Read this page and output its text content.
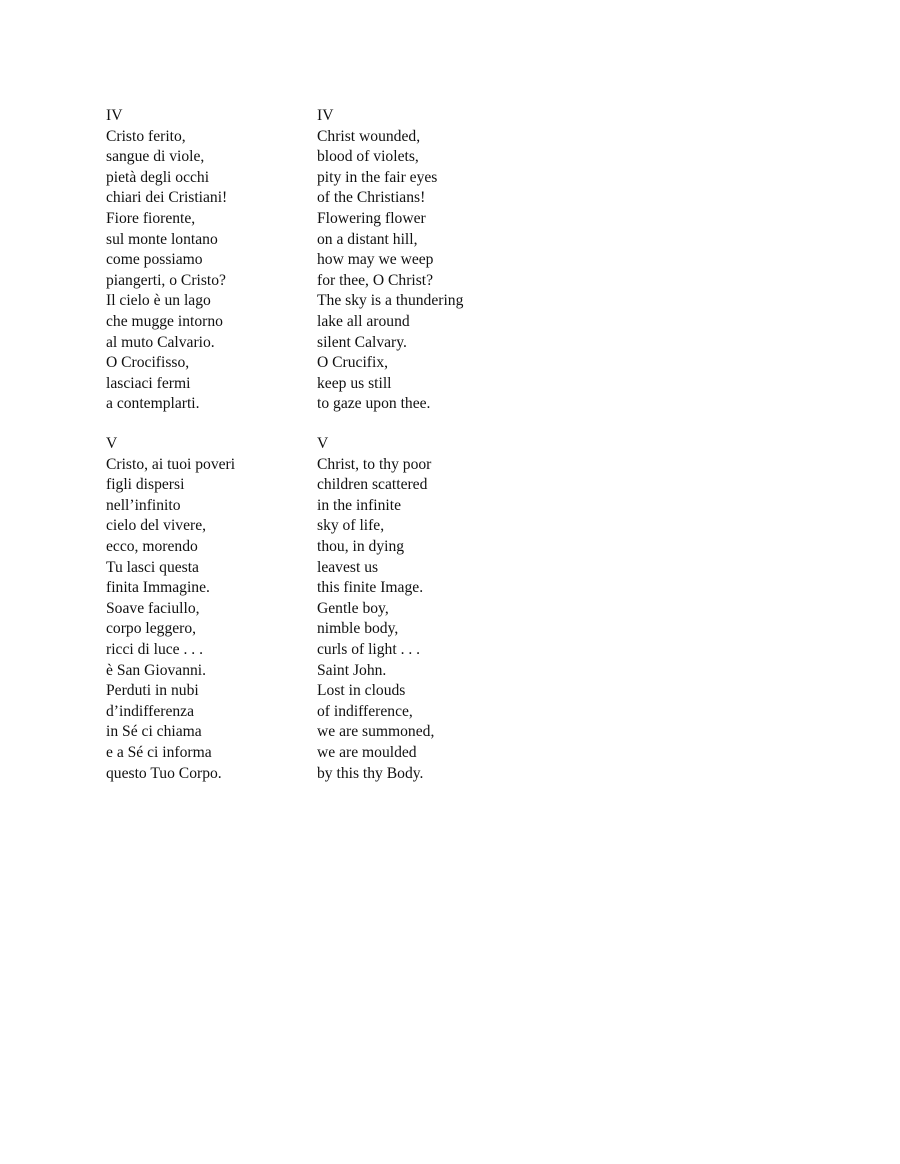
IV	IV
Cristo ferito,	Christ wounded,
sangue di viole,	blood of violets,
pietà degli occhi	pity in the fair eyes
chiari dei Cristiani!	of the Christians!
Fiore fiorente,	Flowering flower
sul monte lontano	on a distant hill,
come possiamo	how may we weep
piangerti, o Cristo?	for thee, O Christ?
Il cielo è un lago	The sky is a thundering
che mugge intorno	lake all around
al muto Calvario.	silent Calvary.
O Crocifisso,	O Crucifix,
lasciaci fermi	keep us still
a contemplarti.	to gaze upon thee.
V	V
Cristo, ai tuoi poveri	Christ, to thy poor
figli dispersi	children scattered
nell’infinito	in the infinite
cielo del vivere,	sky of life,
ecco, morendo	thou, in dying
Tu lasci questa	leavest us
finita Immagine.	this finite Image.
Soave faciullo,	Gentle boy,
corpo leggero,	nimble body,
ricci di luce . . .	curls of light . . .
è San Giovanni.	Saint John.
Perduti in nubi	Lost in clouds
d’indifferenza	of indifference,
in Sé ci chiama	we are summoned,
e a Sé ci informa	we are moulded
questo Tuo Corpo.	by this thy Body.
